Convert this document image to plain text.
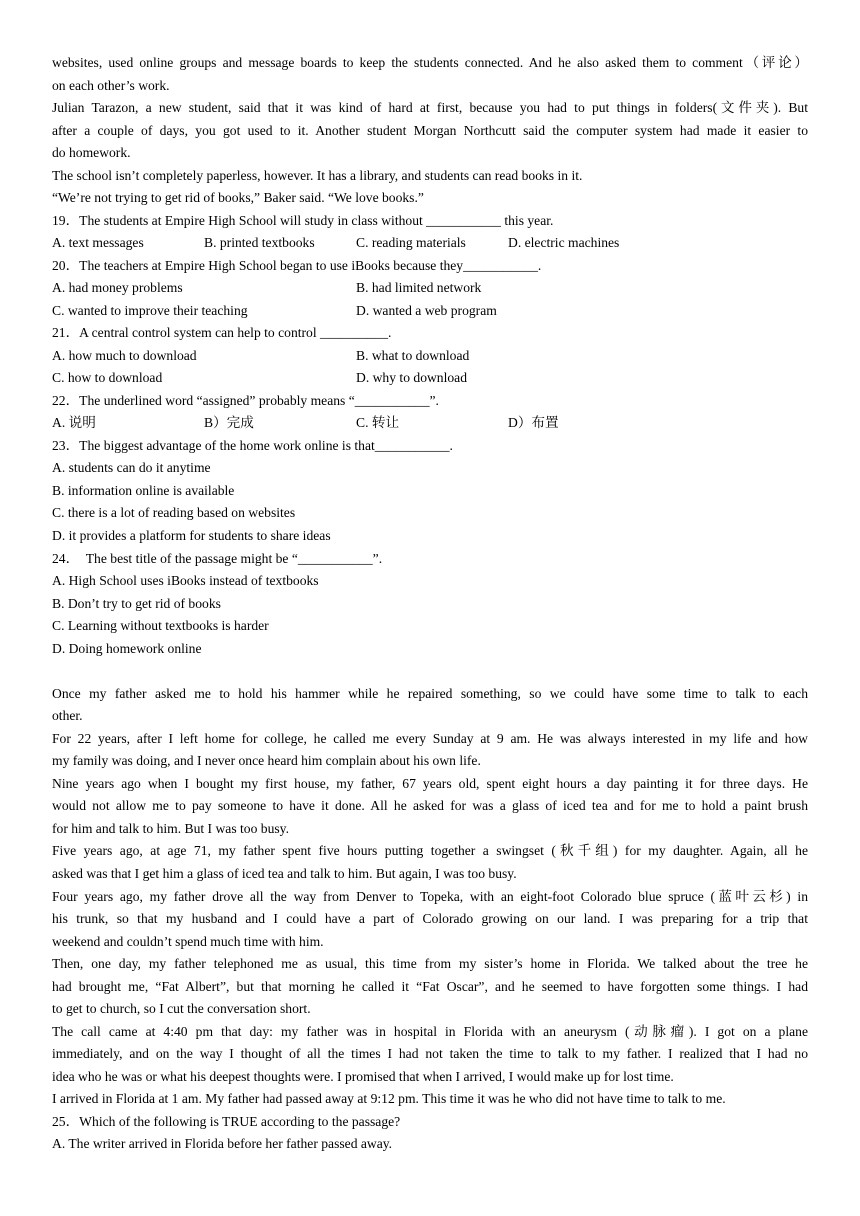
websites, used online groups and message boards to keep the students connected. And he also asked them to comment（评论）
on each other’s work.
Julian Tarazon, a new student, said that it was kind of hard at first, because you had to put things in folders(文件夹). But
after a couple of days, you got used to it. Another student Morgan Northcutt said the computer system had made it easier to
do homework.
The school isn’t completely paperless, however. It has a library, and students can read books in it.
“We’re not trying to get rid of books,” Baker said. “We love books.”
19．The students at Empire High School will study in class without ___________ this year.
A. text messages	B. printed textbooks	C. reading materials	D. electric machines
20．The teachers at Empire High School began to use iBooks because they___________.
A. had money problems	B. had limited network
C. wanted to improve their teaching	D. wanted a web program
21．A central control system can help to control __________.
A. how much to download	B. what to download
C. how to download	D. why to download
22．The underlined word “assigned” probably means “___________”.
A. 说明	B）完成	C. 转让	D）布置
23．The biggest advantage of the home work online is that___________.
A. students can do it anytime
B. information online is available
C. there is a lot of reading based on websites
D. it provides a platform for students to share ideas
24．  The best title of the passage might be “___________”.
A. High School uses iBooks instead of textbooks
B. Don’t try to get rid of books
C. Learning without textbooks is harder
D. Doing homework online
Once my father asked me to hold his hammer while he repaired something, so we could have some time to talk to each
other.
For 22 years, after I left home for college, he called me every Sunday at 9 am. He was always interested in my life and how
my family was doing, and I never once heard him complain about his own life.
Nine years ago when I bought my first house, my father, 67 years old, spent eight hours a day painting it for three days. He
would not allow me to pay someone to have it done. All he asked for was a glass of iced tea and for me to hold a paint brush
for him and talk to him. But I was too busy.
Five years ago, at age 71, my father spent five hours putting together a swingset (秋千组) for my daughter. Again, all he
asked was that I get him a glass of iced tea and talk to him. But again, I was too busy.
Four years ago, my father drove all the way from Denver to Topeka, with an eight-foot Colorado blue spruce (蓝叶云杉) in
his trunk, so that my husband and I could have a part of Colorado growing on our land. I was preparing for a trip that
weekend and couldn’t spend much time with him.
Then, one day, my father telephoned me as usual, this time from my sister’s home in Florida. We talked about the tree he
had brought me, “Fat Albert”, but that morning he called it “Fat Oscar”, and he seemed to have forgotten some things. I had
to get to church, so I cut the conversation short.
The call came at 4:40 pm that day: my father was in hospital in Florida with an aneurysm (动脉瘤). I got on a plane
immediately, and on the way I thought of all the times I had not taken the time to talk to my father. I realized that I had no
idea who he was or what his deepest thoughts were. I promised that when I arrived, I would make up for lost time.
I arrived in Florida at 1 am. My father had passed away at 9:12 pm. This time it was he who did not have time to talk to me.
25．Which of the following is TRUE according to the passage?
A. The writer arrived in Florida before her father passed away.
